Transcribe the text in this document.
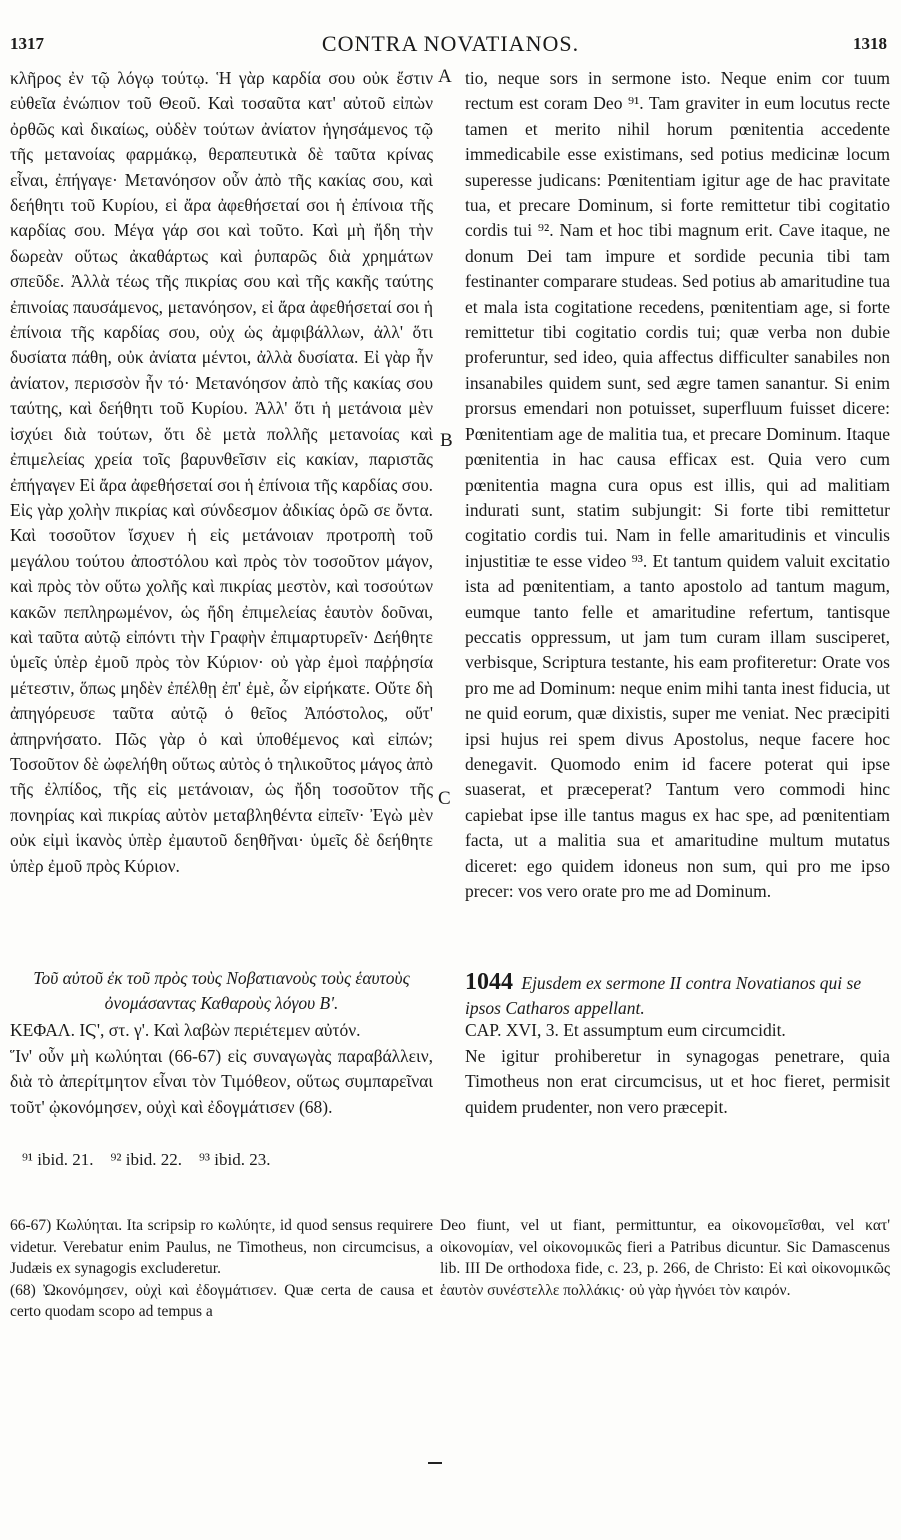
1317	CONTRA NOVATIANOS.	1318

κλῆρος ἐν τῷ λόγῳ τούτῳ. Ἡ γὰρ καρδία σου οὐκ ἔστιν εὐθεῖα ἐνώπιον τοῦ Θεοῦ. Καὶ τοσαῦτα κατ' αὐτοῦ εἰπὼν ὀρθῶς καὶ δικαίως, οὐδὲν τούτων ἀνίατον ἡγησάμενος τῷ τῆς μετανοίας φαρμάκῳ, θεραπευτικὰ δὲ ταῦτα κρίνας εἶναι, ἐπήγαγε· Μετανόησον οὖν ἀπὸ τῆς κακίας σου, καὶ δεήθητι τοῦ Κυρίου, εἰ ἄρα ἀφεθήσεταί σοι ἡ ἐπίνοια τῆς καρδίας σου. Μέγα γάρ σοι καὶ τοῦτο. Καὶ μὴ ἤδη τὴν δωρεὰν οὕτως ἀκαθάρτως καὶ ῥυπαρῶς διὰ χρημάτων σπεῦδε. Ἀλλὰ τέως τῆς πικρίας σου καὶ τῆς κακῆς ταύτης ἐπινοίας παυσάμενος, μετανόησον, εἰ ἄρα ἀφεθήσεταί σοι ἡ ἐπίνοια τῆς καρδίας σου, οὐχ ὡς ἀμφιβάλλων, ἀλλ' ὅτι δυσίατα πάθη, οὐκ ἀνίατα μέντοι, ἀλλὰ δυσίατα. Εἰ γὰρ ἦν ἀνίατον, περισσὸν ἦν τό· Μετανόησον ἀπὸ τῆς κακίας σου ταύτης, καὶ δεήθητι τοῦ Κυρίου. Ἀλλ' ὅτι ἡ μετάνοια μὲν ἰσχύει διὰ τούτων, ὅτι δὲ μετὰ πολλῆς μετανοίας καὶ ἐπιμελείας χρεία τοῖς βαρυνθεῖσιν εἰς κακίαν, παριστᾶς ἐπήγαγεν Εἰ ἄρα ἀφεθήσεταί σοι ἡ ἐπίνοια τῆς καρδίας σου. Εἰς γὰρ χολὴν πικρίας καὶ σύνδεσμον ἀδικίας ὁρῶ σε ὄντα. Καὶ τοσοῦτον ἴσχυεν ἡ εἰς μετάνοιαν προτροπὴ τοῦ μεγάλου τούτου ἀποστόλου καὶ πρὸς τὸν τοσοῦτον μάγον, καὶ πρὸς τὸν οὕτω χολῆς καὶ πικρίας μεστὸν, καὶ τοσούτων κακῶν πεπληρωμένον, ὡς ἤδη ἐπιμελείας ἑαυτὸν δοῦναι, καὶ ταῦτα αὐτῷ εἰπόντι τὴν Γραφὴν ἐπιμαρτυρεῖν· Δεήθητε ὑμεῖς ὑπὲρ ἐμοῦ πρὸς τὸν Κύριον· οὐ γὰρ ἐμοὶ παῤῥησία μέτεστιν, ὅπως μηδὲν ἐπέλθῃ ἐπ' ἐμὲ, ὧν εἰρήκατε. Οὔτε δὴ ἀπηγόρευσε ταῦτα αὐτῷ ὁ θεῖος Ἀπόστολος, οὔτ' ἀπηρνήσατο. Πῶς γὰρ ὁ καὶ ὑποθέμενος καὶ εἰπών; Τοσοῦτον δὲ ὠφελήθη οὕτως αὐτὸς ὁ τηλικοῦτος μάγος ἀπὸ τῆς ἐλπίδος, τῆς εἰς μετάνοιαν, ὡς ἤδη τοσοῦτον τῆς πονηρίας καὶ πικρίας αὐτὸν μεταβληθέντα εἰπεῖν· Ἐγὼ μὲν οὐκ εἰμὶ ἱκανὸς ὑπὲρ ἐμαυτοῦ δεηθῆναι· ὑμεῖς δὲ δεήθητε ὑπὲρ ἐμοῦ πρὸς Κύριον.

A
B
C

tio, neque sors in sermone isto. Neque enim cor tuum rectum est coram Deo ⁹¹. Tam graviter in eum locutus recte tamen et merito nihil horum pœnitentia accedente immedicabile esse existimans, sed potius medicinæ locum superesse judicans: Pœnitentiam igitur age de hac pravitate tua, et precare Dominum, si forte remittetur tibi cogitatio cordis tui ⁹². Nam et hoc tibi magnum erit. Cave itaque, ne donum Dei tam impure et sordide pecunia tibi tam festinanter comparare studeas. Sed potius ab amaritudine tua et mala ista cogitatione recedens, pœnitentiam age, si forte remittetur tibi cogitatio cordis tui; quæ verba non dubie proferuntur, sed ideo, quia affectus difficulter sanabiles non insanabiles quidem sunt, sed ægre tamen sanantur. Si enim prorsus emendari non potuisset, superfluum fuisset dicere: Pœnitentiam age de malitia tua, et precare Dominum. Itaque pœnitentia in hac causa efficax est. Quia vero cum pœnitentia magna cura opus est illis, qui ad malitiam indurati sunt, statim subjungit: Si forte tibi remittetur cogitatio cordis tui. Nam in felle amaritudinis et vinculis injustitiæ te esse video ⁹³. Et tantum quidem valuit excitatio ista ad pœnitentiam, a tanto apostolo ad tantum magum, eumque tanto felle et amaritudine refertum, tantisque peccatis oppressum, ut jam tum curam illam susciperet, verbisque, Scriptura testante, his eam profiteretur: Orate vos pro me ad Dominum: neque enim mihi tanta inest fiducia, ut ne quid eorum, quæ dixistis, super me veniat. Nec præcipiti ipsi hujus rei spem divus Apostolus, neque facere hoc denegavit. Quomodo enim id facere poterat qui ipse suaserat, et præceperat? Tantum vero commodi hinc capiebat ipse ille tantus magus ex hac spe, ad pœnitentiam facta, ut a malitia sua et amaritudine multum mutatus diceret: ego quidem idoneus non sum, qui pro me ipso precer: vos vero orate pro me ad Dominum.

Τοῦ αὐτοῦ ἐκ τοῦ πρὸς τοὺς Νοβατιανοὺς τοὺς ἑαυτοὺς ὀνομάσαντας Καθαροὺς λόγου Β'.
1044 Ejusdem ex sermone II contra Novatianos qui se ipsos Catharos appellant.
ΚΕΦΑΛ. ΙϚ', στ. γ'. Καὶ λαβὼν περιέτεμεν αὐτόν.	CAP. XVI, 3. Et assumptum eum circumcidit.
Ἵν' οὖν μὴ κωλύηται (66-67) εἰς συναγωγὰς παραβάλλειν, διὰ τὸ ἀπερίτμητον εἶναι τὸν Τιμόθεον, οὕτως συμπαρεῖναι τοῦτ' ᾠκονόμησεν, οὐχὶ καὶ ἐδογμάτισεν (68).
Ne igitur prohiberetur in synagogas penetrare, quia Timotheus non erat circumcisus, ut et hoc fieret, permisit quidem prudenter, non vero præcepit.
⁹¹ ibid. 21. ⁹² ibid. 22. ⁹³ ibid. 23.

66-67) Κωλύηται. Ita scripsip ro κωλύητε, id quod sensus requirere videtur. Verebatur enim Paulus, ne Timotheus, non circumcisus, a Judæis ex synagogis excluderetur.

(68) Ὠκονόμησεν, οὐχὶ καὶ ἐδογμάτισεν. Quæ certa de causa et certo quodam scopo ad tempus a

Deo fiunt, vel ut fiant, permittuntur, ea οἰκονομεῖσθαι, vel κατ' οἰκονομίαν, vel οἰκονομικῶς fieri a Patribus dicuntur. Sic Damascenus lib. III De orthodoxa fide, c. 23, p. 266, de Christo: Εἰ καὶ οἰκονομικῶς ἑαυτὸν συνέστελλε πολλάκις· οὐ γὰρ ἠγνόει τὸν καιρόν.
